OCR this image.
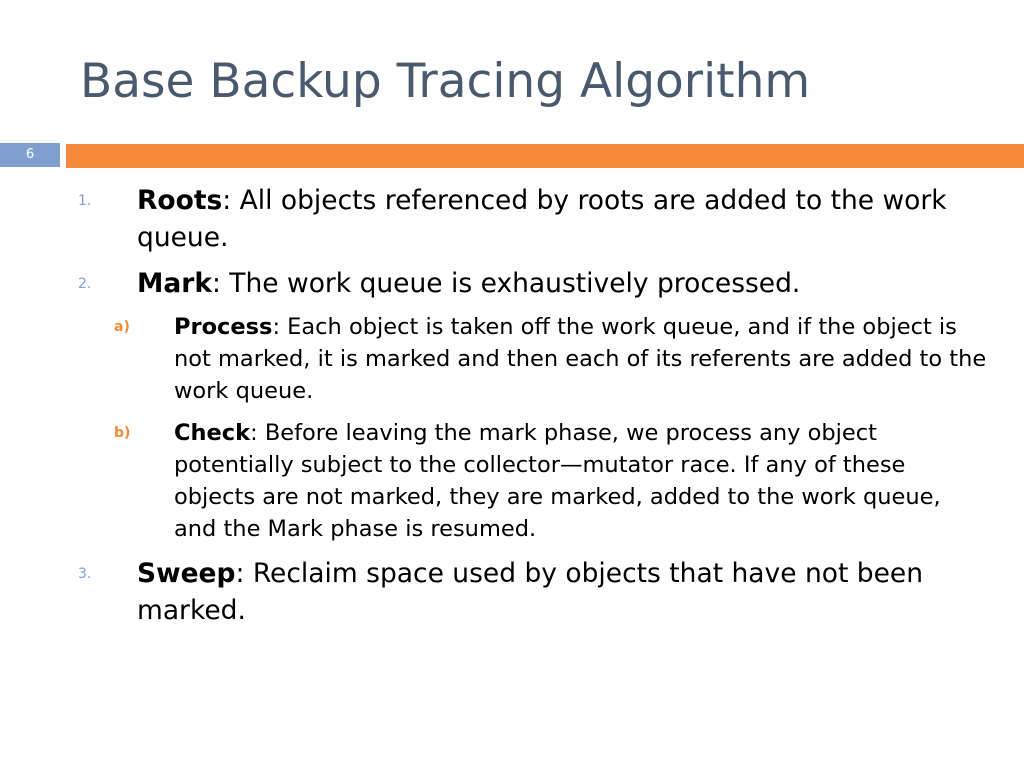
Base Backup Tracing Algorithm
6
1. Roots: All objects referenced by roots are added to the work queue.
2. Mark: The work queue is exhaustively processed.
a) Process: Each object is taken off the work queue, and if the object is not marked, it is marked and then each of its referents are added to the work queue.
b) Check: Before leaving the mark phase, we process any object potentially subject to the collector—mutator race. If any of these objects are not marked, they are marked, added to the work queue, and the Mark phase is resumed.
3. Sweep: Reclaim space used by objects that have not been marked.
